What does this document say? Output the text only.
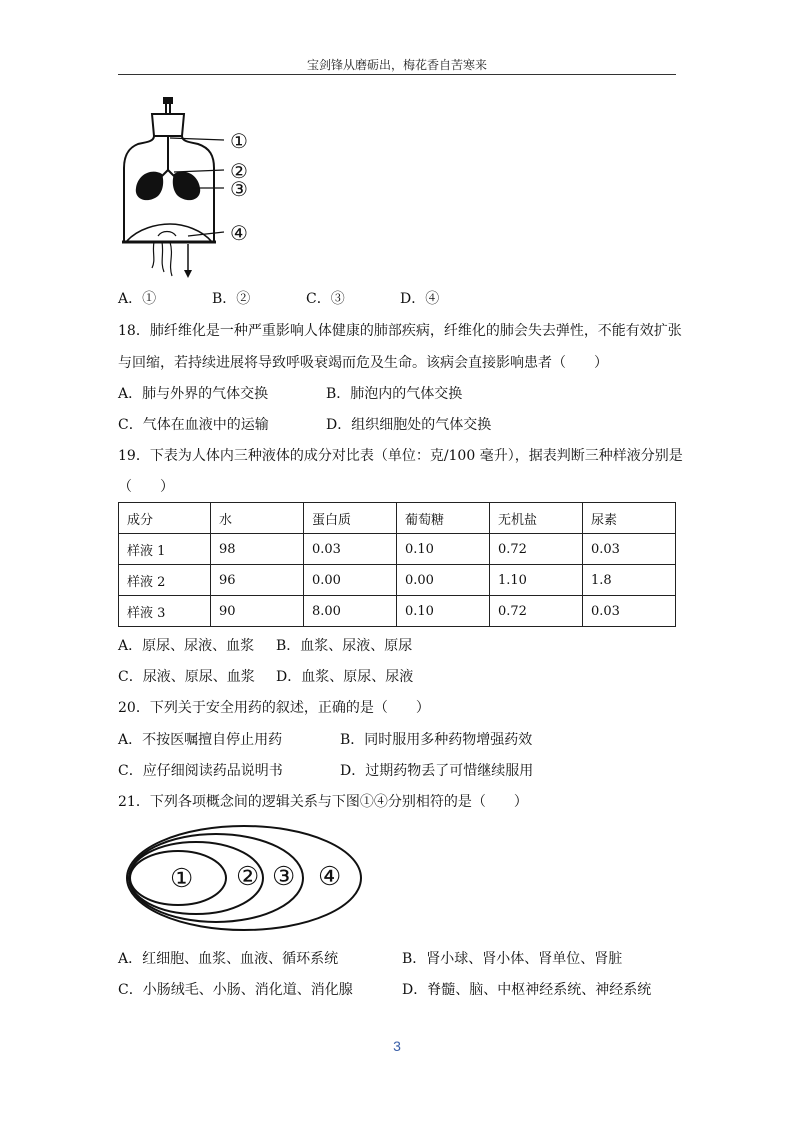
宝剑锋从磨砺出，梅花香自苦寒来
①
②
③
④
A．①	B．②	C．③	D．④
18．肺纤维化是一种严重影响人体健康的肺部疾病，纤维化的肺会失去弹性，不能有效扩张
与回缩，若持续进展将导致呼吸衰竭而危及生命。该病会直接影响患者（　　）
A．肺与外界的气体交换	B．肺泡内的气体交换
C．气体在血液中的运输	D．组织细胞处的气体交换
19．下表为人体内三种液体的成分对比表（单位：克/100 毫升），据表判断三种样液分别是
（　　）
成分	水	蛋白质	葡萄糖	无机盐	尿素
样液 1	98	0.03	0.10	0.72	0.03
样液 2	96	0.00	0.00	1.10	1.8
样液 3	90	8.00	0.10	0.72	0.03
A．原尿、尿液、血浆 B．血浆、尿液、原尿
C．尿液、原尿、血浆 D．血浆、原尿、尿液
20．下列关于安全用药的叙述，正确的是（　　）
A．不按医嘱擅自停止用药	B．同时服用多种药物增强药效
C．应仔细阅读药品说明书	D．过期药物丢了可惜继续服用
21．下列各项概念间的逻辑关系与下图①④分别相符的是（　　）
① ② ③ ④
A．红细胞、血浆、血液、循环系统	B．肾小球、肾小体、肾单位、肾脏
C．小肠绒毛、小肠、消化道、消化腺	D．脊髓、脑、中枢神经系统、神经系统
3
